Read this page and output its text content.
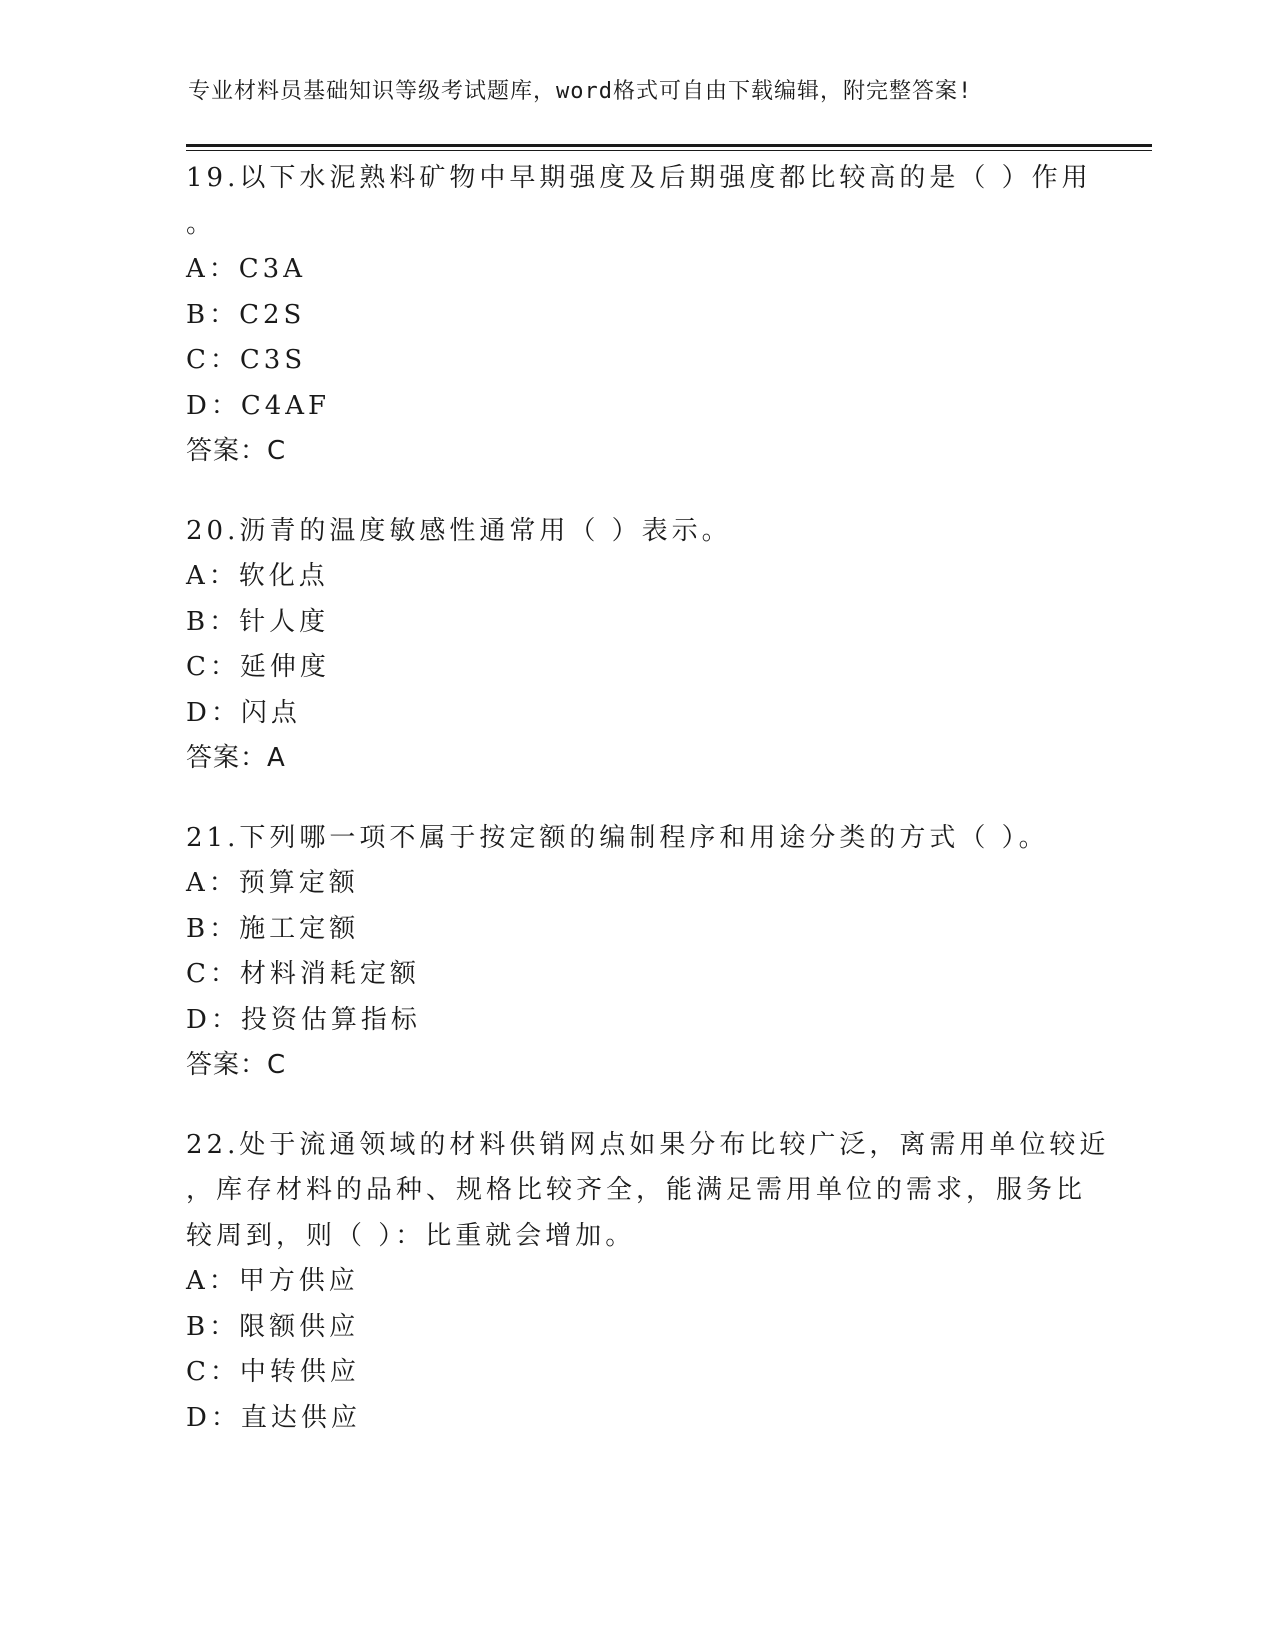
专业材料员基础知识等级考试题库，word格式可自由下载编辑，附完整答案!
19.以下水泥熟料矿物中早期强度及后期强度都比较高的是（ ）作用
。
A：C3A
B：C2S
C：C3S
D：C4AF
答案：C
20.沥青的温度敏感性通常用（ ）表示。
A：软化点
B：针人度
C：延伸度
D：闪点
答案：A
21.下列哪一项不属于按定额的编制程序和用途分类的方式（ ）。
A：预算定额
B：施工定额
C：材料消耗定额
D：投资估算指标
答案：C
22.处于流通领域的材料供销网点如果分布比较广泛，离需用单位较近
，库存材料的品种、规格比较齐全，能满足需用单位的需求，服务比
较周到，则（ ）：比重就会增加。
A：甲方供应
B：限额供应
C：中转供应
D：直达供应
